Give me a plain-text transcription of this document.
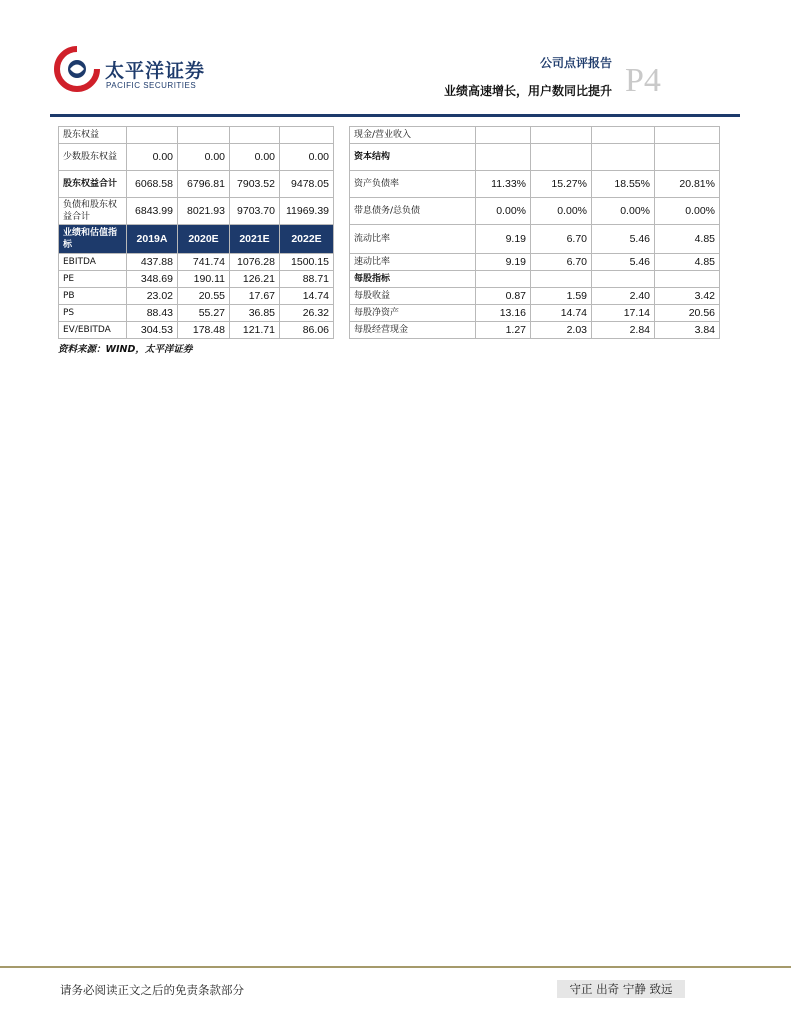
太平洋证券
PACIFIC SECURITIES
公司点评报告
业绩高速增长，用户数同比提升 P4
股东权益				
少数股东权益	0.00	0.00	0.00	0.00
股东权益合计	6068.58	6796.81	7903.52	9478.05
负债和股东权益合计	6843.99	8021.93	9703.70	11969.39
业绩和估值指标	2019A	2020E	2021E	2022E
EBITDA	437.88	741.74	1076.28	1500.15
PE	348.69	190.11	126.21	88.71
PB	23.02	20.55	17.67	14.74
PS	88.43	55.27	36.85	26.32
EV/EBITDA	304.53	178.48	121.71	86.06
现金/营业收入				
资本结构				
资产负债率	11.33%	15.27%	18.55%	20.81%
带息债务/总负债	0.00%	0.00%	0.00%	0.00%
流动比率	9.19	6.70	5.46	4.85
速动比率	9.19	6.70	5.46	4.85
每股指标				
每股收益	0.87	1.59	2.40	3.42
每股净资产	13.16	14.74	17.14	20.56
每股经营现金	1.27	2.03	2.84	3.84
资料来源：WIND，太平洋证券
请务必阅读正文之后的免责条款部分	守正 出奇 宁静 致远
